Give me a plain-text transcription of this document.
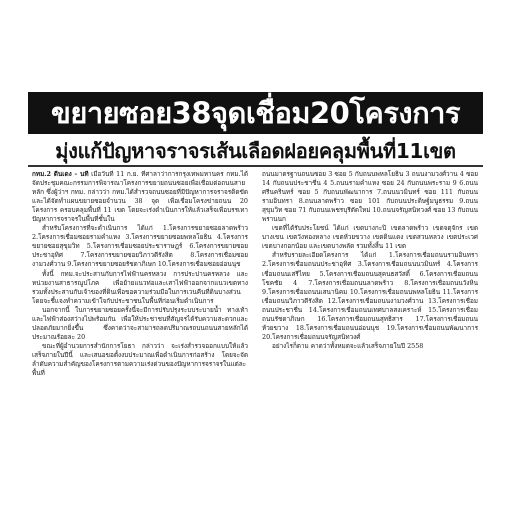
ขยายซอย38จุดเชื่อม20โครงการ
มุ่งแก้ปัญหาจราจรเส้นเลือดฝอยคลุมพื้นที่11เขต

กทม.2 ตีนเดง - นที เมื่อวันที่ 11 ก.ย. ที่ศาลาว่าการกรุงเทพมหานคร กทม.ได้จัดประชุมคณะกรรมการพิจารณาโครงการขยายถนนซอยเพื่อเชื่อมต่อถนนสายหลัก ซึ่งผู้ว่าฯ กทม. กล่าวว่า กทม.ได้สำรวจถนนซอยที่มีปัญหาการจราจรติดขัด และได้จัดทำแผนขยายซอยจำนวน 38 จุด เพื่อเชื่อมโครงข่ายถนน 20 โครงการ ครอบคลุมพื้นที่ 11 เขต โดยจะเร่งดำเนินการให้แล้วเสร็จเพื่อบรรเทาปัญหาการจราจรในพื้นที่ชั้นใน

สำหรับโครงการที่จะดำเนินการ ได้แก่ 1.โครงการขยายซอยลาดพร้าว 2.โครงการเชื่อมซอยรามคำแหง 3.โครงการขยายซอยพหลโยธิน 4.โครงการขยายซอยสุขุมวิท 5.โครงการเชื่อมซอยประชาราษฎร์ 6.โครงการขยายซอยประชาอุทิศ 7.โครงการขยายซอยวิภาวดีรังสิต 8.โครงการเชื่อมซอยงามวงศ์วาน 9.โครงการขยายซอยรัชดาภิเษก 10.โครงการเชื่อมซอยอ่อนนุช

ทั้งนี้ กทม.จะประสานกับการไฟฟ้านครหลวง การประปานครหลวง และหน่วยงานสาธารณูปโภค เพื่อย้ายแนวท่อและเสาไฟฟ้าออกจากแนวเขตทาง รวมทั้งประสานกับเจ้าของที่ดินเพื่อขอความร่วมมือในการเวนคืนที่ดินบางส่วน โดยจะชี้แจงทำความเข้าใจกับประชาชนในพื้นที่ก่อนเริ่มดำเนินการ

นอกจากนี้ ในการขยายซอยครั้งนี้จะมีการปรับปรุงระบบระบายน้ำ ทางเท้า และไฟฟ้าส่องสว่างไปพร้อมกัน เพื่อให้ประชาชนที่สัญจรได้รับความสะดวกและปลอดภัยมากยิ่งขึ้น ซึ่งคาดว่าจะสามารถลดปริมาณรถบนถนนสายหลักได้ประมาณร้อยละ 20

ขณะที่ผู้อำนวยการสำนักการโยธา กล่าวว่า จะเร่งสำรวจออกแบบให้แล้วเสร็จภายในปีนี้ และเสนอขอตั้งงบประมาณเพื่อดำเนินการก่อสร้าง โดยจะจัดลำดับความสำคัญของโครงการตามความเร่งด่วนของปัญหาการจราจรในแต่ละพื้นที่

ถนนมาตรฐานถนนซอย 3 ซอย 5 กับถนนพหลโยธิน 3 ถนนงามวงศ์วาน 4 ซอย 14 กับถนนประชาชื่น 4 5.ถนนรามคำแหง ซอย 24 กับถนนพระราม 9 6.ถนนศรีนครินทร์ ซอย 5 กับถนนพัฒนาการ 7.ถนนนวมินทร์ ซอย 111 กับถนนรามอินทรา 8.ถนนลาดพร้าว ซอย 101 กับถนนประดิษฐ์มนูธรรม 9.ถนนสุขุมวิท ซอย 71 กับถนนเพชรบุรีตัดใหม่ 10.ถนนจรัญสนิทวงศ์ ซอย 13 กับถนนพรานนก

เขตที่ได้รับประโยชน์ ได้แก่ เขตบางกะปิ เขตลาดพร้าว เขตจตุจักร เขตบางเขน เขตวังทองหลาง เขตห้วยขวาง เขตดินแดง เขตสวนหลวง เขตประเวศ เขตบางกอกน้อย และเขตบางพลัด รวมทั้งสิ้น 11 เขต

สำหรับรายละเอียดโครงการ ได้แก่ 1.โครงการเชื่อมถนนรามอินทรา 2.โครงการเชื่อมถนนประชาอุทิศ 3.โครงการเชื่อมถนนนวมินทร์ 4.โครงการเชื่อมถนนเสรีไทย 5.โครงการเชื่อมถนนสุคนธสวัสดิ์ 6.โครงการเชื่อมถนนโชคชัย 4 7.โครงการเชื่อมถนนลาดพร้าว 8.โครงการเชื่อมถนนวังหิน 9.โครงการเชื่อมถนนเสนานิคม 10.โครงการเชื่อมถนนพหลโยธิน 11.โครงการเชื่อมถนนวิภาวดีรังสิต 12.โครงการเชื่อมถนนงามวงศ์วาน 13.โครงการเชื่อมถนนประชาชื่น 14.โครงการเชื่อมถนนเทศบาลสงเคราะห์ 15.โครงการเชื่อมถนนรัชดาภิเษก 16.โครงการเชื่อมถนนสุทธิสาร 17.โครงการเชื่อมถนนห้วยขวาง 18.โครงการเชื่อมถนนอ่อนนุช 19.โครงการเชื่อมถนนพัฒนาการ 20.โครงการเชื่อมถนนจรัญสนิทวงศ์

อย่างไรก็ตาม คาดว่าทั้งหมดจะแล้วเสร็จภายในปี 2558
